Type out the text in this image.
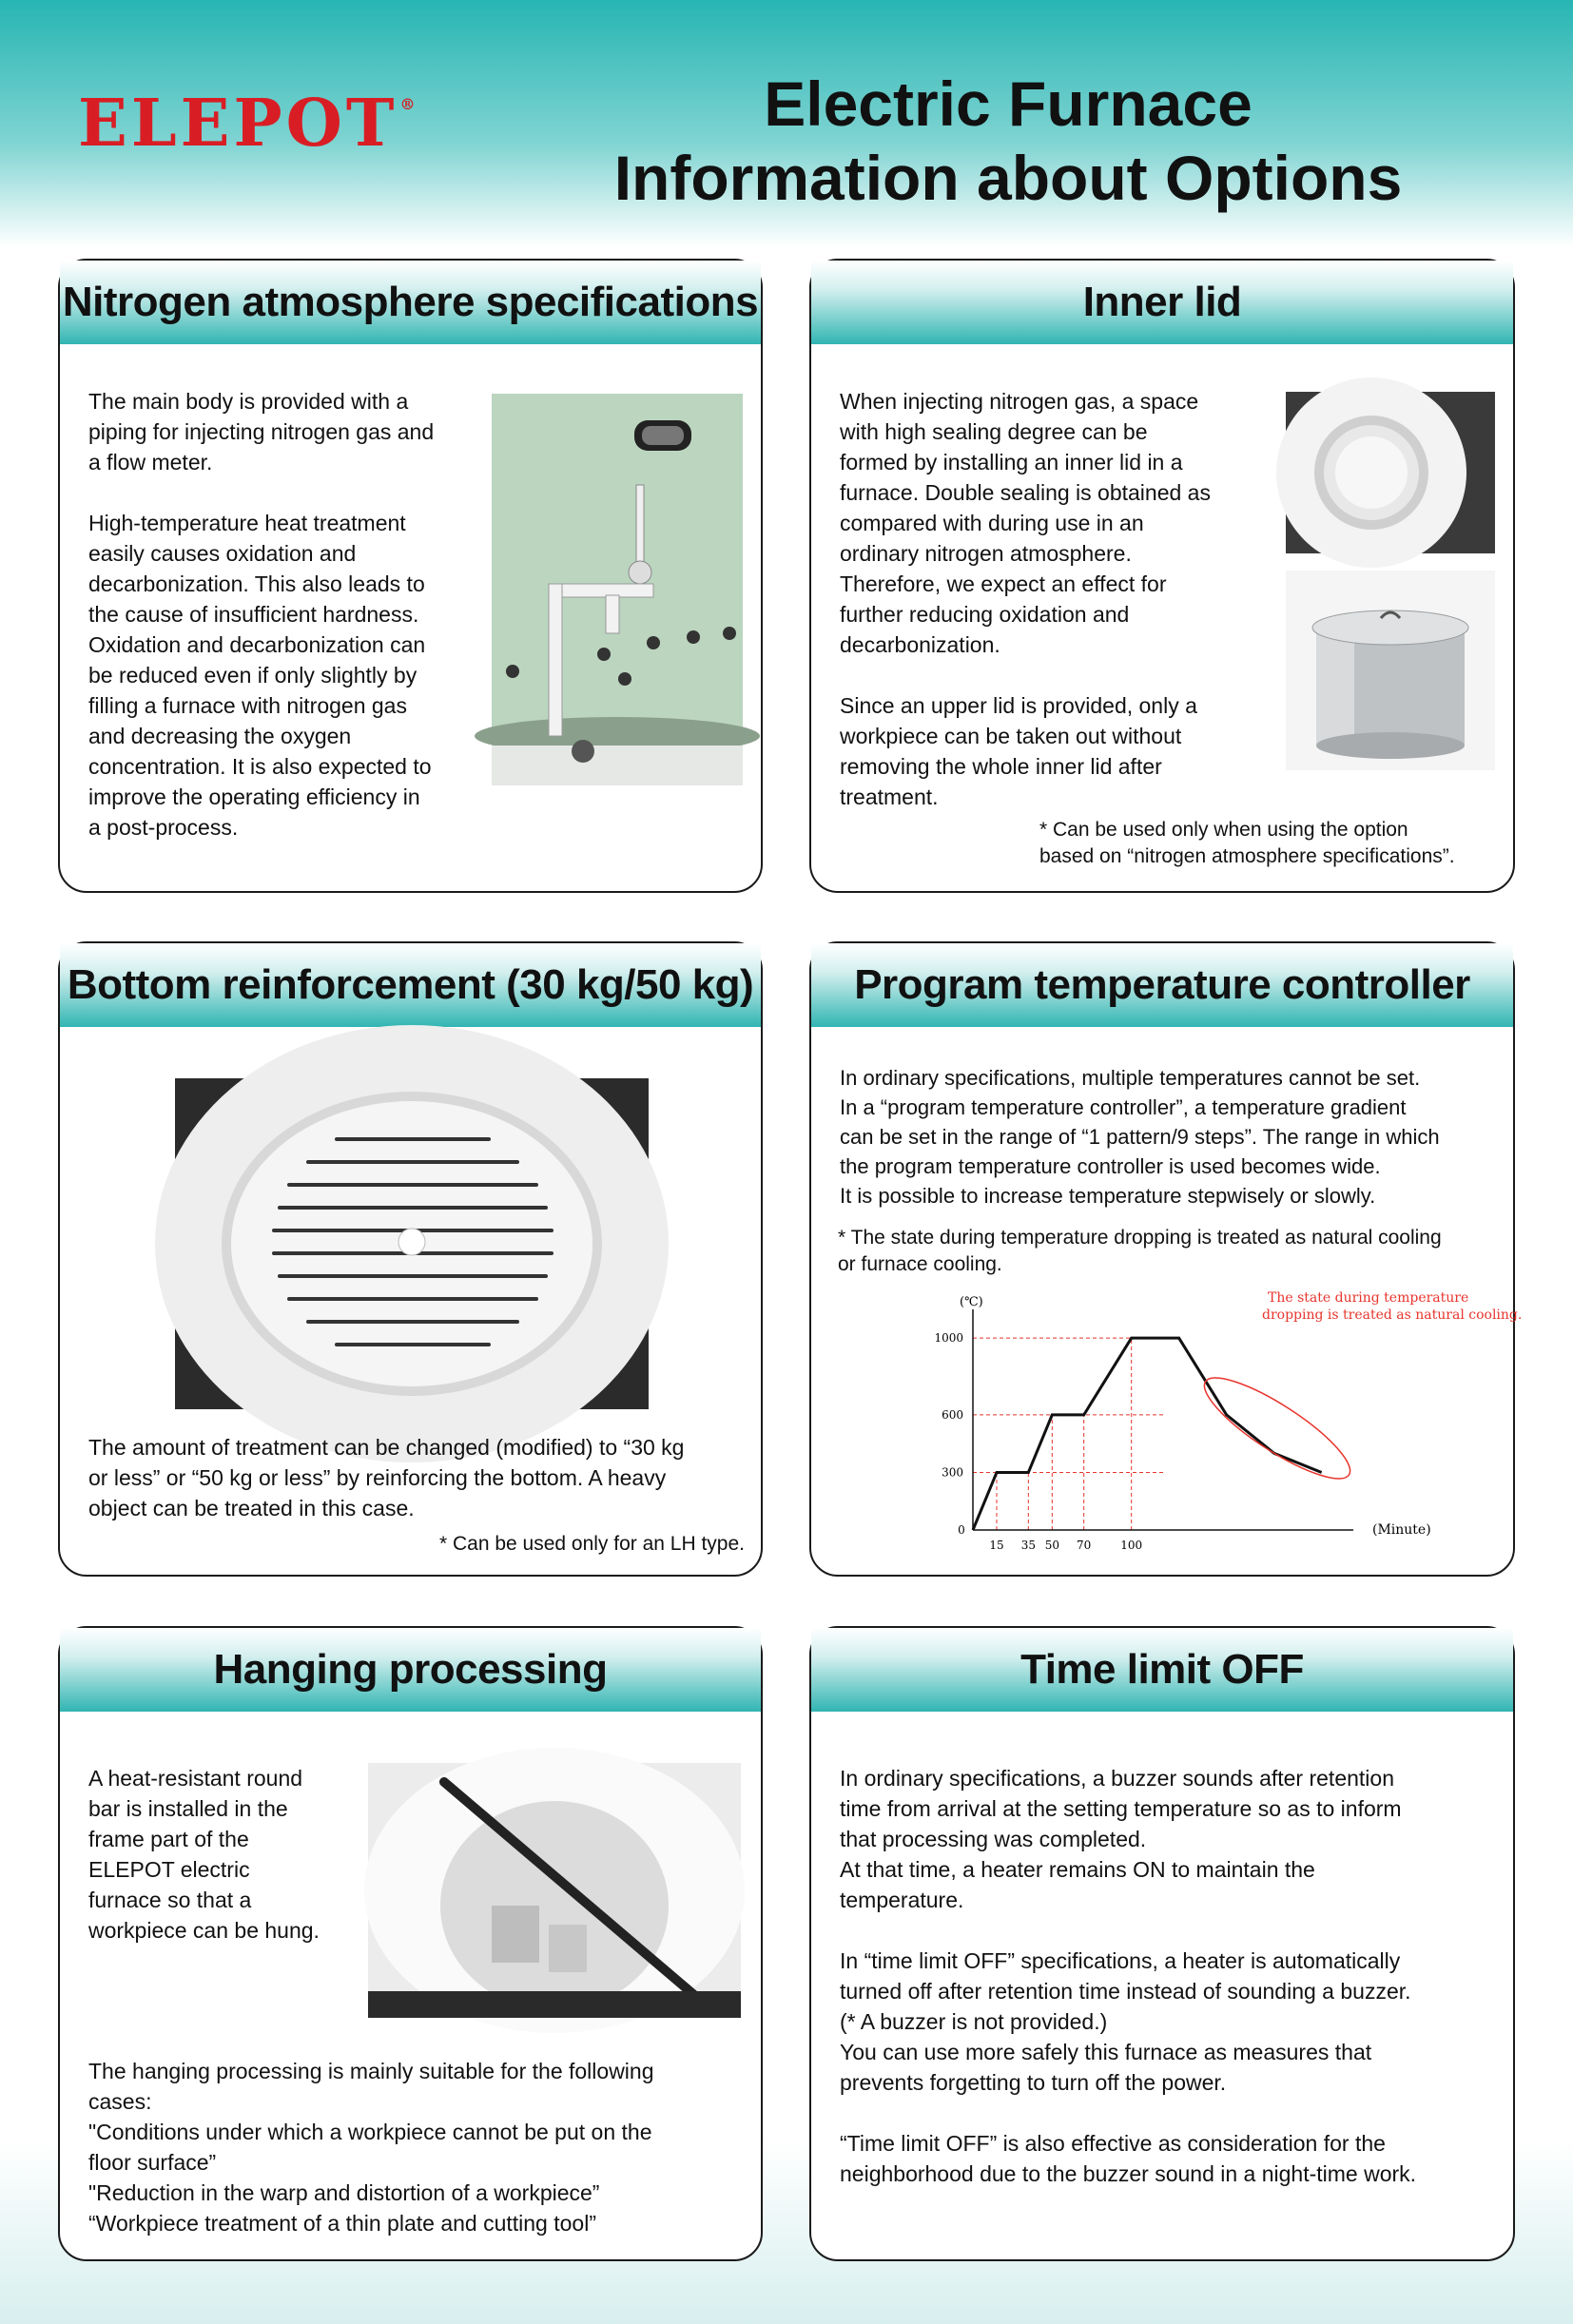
ELEPOT ®	Electric Furnace
Information about Options
Nitrogen atmosphere specifications
The main body is provided with a
piping for injecting nitrogen gas and
a flow meter.

High-temperature heat treatment
easily causes oxidation and
decarbonization. This also leads to
the cause of insufficient hardness.
Oxidation and decarbonization can
be reduced even if only slightly by
filling a furnace with nitrogen gas
and decreasing the oxygen
concentration. It is also expected to
improve the operating efficiency in
a post-process.
Inner lid
When injecting nitrogen gas, a space
with high sealing degree can be
formed by installing an inner lid in a
furnace. Double sealing is obtained as
compared with during use in an
ordinary nitrogen atmosphere.
Therefore, we expect an effect for
further reducing oxidation and
decarbonization.

Since an upper lid is provided, only a
workpiece can be taken out without
removing the whole inner lid after
treatment.
* Can be used only when using the option
based on “nitrogen atmosphere specifications”.
Bottom reinforcement (30 kg/50 kg)
The amount of treatment can be changed (modified) to “30 kg
or less” or “50 kg or less” by reinforcing the bottom. A heavy
object can be treated in this case.
* Can be used only for an LH type.
Program temperature controller
In ordinary specifications, multiple temperatures cannot be set.
In a “program temperature controller”, a temperature gradient
can be set in the range of “1 pattern/9 steps”. The range in which
the program temperature controller is used becomes wide.
It is possible to increase temperature stepwisely or slowly.
* The state during temperature dropping is treated as natural cooling
or furnace cooling.
(℃)
(Minute)
300
600
1000
0
15 35 50 70	100
The state during temperature
dropping is treated as natural cooling.
Hanging processing
A heat-resistant round
bar is installed in the
frame part of the
ELEPOT electric
furnace so that a
workpiece can be hung.
The hanging processing is mainly suitable for the following
cases:
"Conditions under which a workpiece cannot be put on the
floor surface”
"Reduction in the warp and distortion of a workpiece”
“Workpiece treatment of a thin plate and cutting tool”
Time limit OFF
In ordinary specifications, a buzzer sounds after retention
time from arrival at the setting temperature so as to inform
that processing was completed.
At that time, a heater remains ON to maintain the
temperature.

In “time limit OFF” specifications, a heater is automatically
turned off after retention time instead of sounding a buzzer.
(* A buzzer is not provided.)
You can use more safely this furnace as measures that
prevents forgetting to turn off the power.

“Time limit OFF” is also effective as consideration for the
neighborhood due to the buzzer sound in a night-time work.
